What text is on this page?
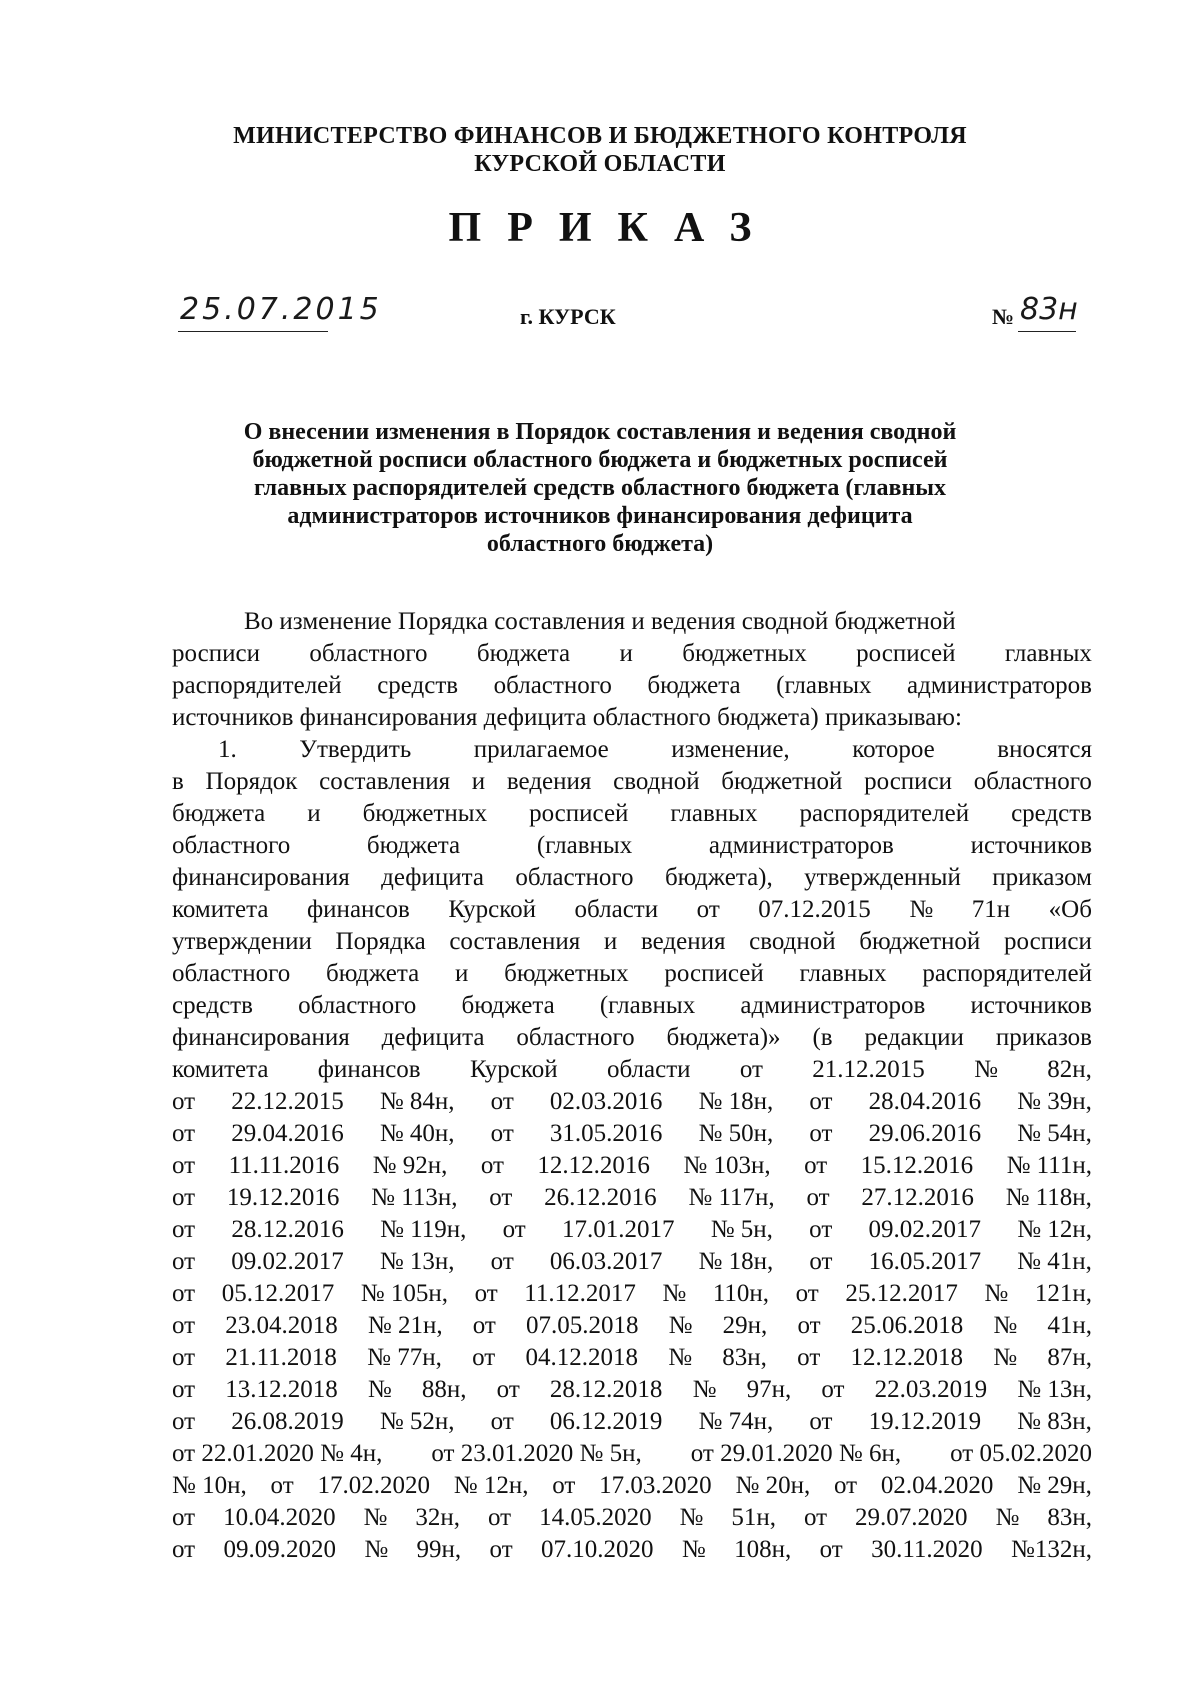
МИНИСТЕРСТВО ФИНАНСОВ И БЮДЖЕТНОГО КОНТРОЛЯ
КУРСКОЙ ОБЛАСТИ
ПРИКАЗ
25.07.2015	г. КУРСК	№ 83н
О внесении изменения в Порядок составления и ведения сводной
бюджетной росписи областного бюджета и бюджетных росписей
главных распорядителей средств областного бюджета (главных
администраторов источников финансирования дефицита
областного бюджета)
Во изменение Порядка составления и ведения сводной бюджетной
росписи областного бюджета и бюджетных росписей главных
распорядителей средств областного бюджета (главных администраторов
источников финансирования дефицита областного бюджета) приказываю:
1.	Утвердить	прилагаемое	изменение,	которое	вносятся
в Порядок составления и ведения сводной бюджетной росписи областного
бюджета и бюджетных росписей главных распорядителей средств
областного	бюджета	(главных	администраторов	источников
финансирования дефицита областного бюджета), утвержденный приказом
комитета финансов Курской области от 07.12.2015 № 71н «Об
утверждении Порядка составления и ведения сводной бюджетной росписи
областного бюджета и бюджетных росписей главных распорядителей
средств областного бюджета (главных администраторов источников
финансирования дефицита областного бюджета)» (в редакции приказов
комитета финансов Курской области от 21.12.2015 № 82н,
от 22.12.2015 № 84н, от 02.03.2016 № 18н, от 28.04.2016 № 39н,
от 29.04.2016 № 40н, от 31.05.2016 № 50н, от 29.06.2016 № 54н,
от 11.11.2016 № 92н, от 12.12.2016 № 103н, от 15.12.2016 № 111н,
от 19.12.2016 № 113н, от 26.12.2016 № 117н, от 27.12.2016 № 118н,
от 28.12.2016 № 119н, от 17.01.2017 № 5н, от 09.02.2017 № 12н,
от 09.02.2017 № 13н, от 06.03.2017 № 18н, от 16.05.2017 № 41н,
от 05.12.2017 № 105н, от 11.12.2017 № 110н, от 25.12.2017 № 121н,
от 23.04.2018 № 21н, от 07.05.2018 № 29н, от 25.06.2018 № 41н,
от 21.11.2018 № 77н, от 04.12.2018 № 83н, от 12.12.2018 № 87н,
от 13.12.2018 № 88н, от 28.12.2018 № 97н, от 22.03.2019 № 13н,
от 26.08.2019 № 52н, от 06.12.2019 № 74н, от 19.12.2019 № 83н,
от 22.01.2020 № 4н, от 23.01.2020 № 5н, от 29.01.2020 № 6н, от 05.02.2020
№ 10н, от 17.02.2020 № 12н, от 17.03.2020 № 20н, от 02.04.2020 № 29н,
от 10.04.2020 № 32н, от 14.05.2020 № 51н, от 29.07.2020 № 83н,
от 09.09.2020 № 99н, от 07.10.2020 № 108н, от 30.11.2020 №132н,
